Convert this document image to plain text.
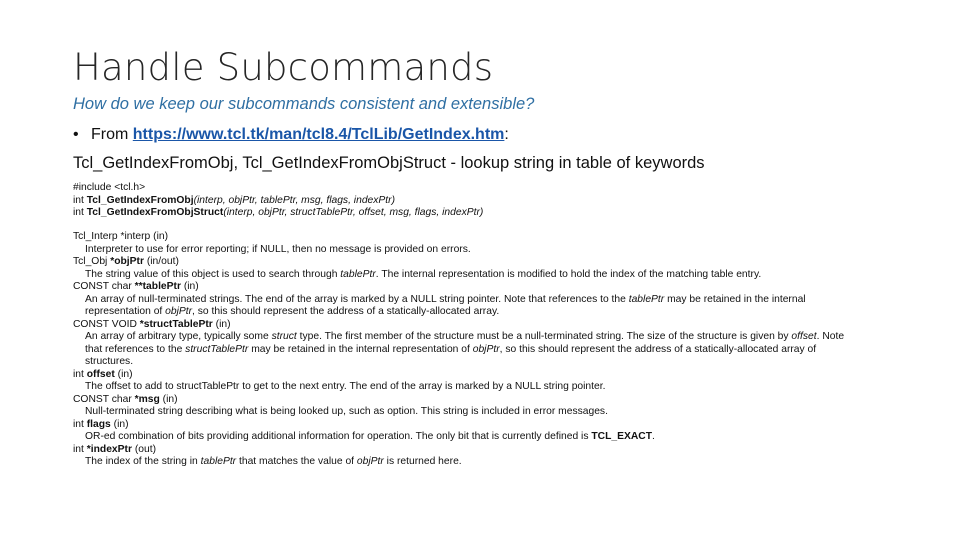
Handle Subcommands
How do we keep our subcommands consistent and extensible?
• From https://www.tcl.tk/man/tcl8.4/TclLib/GetIndex.htm:
Tcl_GetIndexFromObj, Tcl_GetIndexFromObjStruct - lookup string in table of keywords
#include <tcl.h>
int Tcl_GetIndexFromObj(interp, objPtr, tablePtr, msg, flags, indexPtr)
int Tcl_GetIndexFromObjStruct(interp, objPtr, structTablePtr, offset, msg, flags, indexPtr)
Tcl_Interp *interp (in)
Interpreter to use for error reporting; if NULL, then no message is provided on errors.
Tcl_Obj *objPtr (in/out)
The string value of this object is used to search through tablePtr. The internal representation is modified to hold the index of the matching table entry.
CONST char **tablePtr (in)
An array of null-terminated strings. The end of the array is marked by a NULL string pointer. Note that references to the tablePtr may be retained in the internal representation of objPtr, so this should represent the address of a statically-allocated array.
CONST VOID *structTablePtr (in)
An array of arbitrary type, typically some struct type. The first member of the structure must be a null-terminated string. The size of the structure is given by offset. Note that references to the structTablePtr may be retained in the internal representation of objPtr, so this should represent the address of a statically-allocated array of structures.
int offset (in)
The offset to add to structTablePtr to get to the next entry. The end of the array is marked by a NULL string pointer.
CONST char *msg (in)
Null-terminated string describing what is being looked up, such as option. This string is included in error messages.
int flags (in)
OR-ed combination of bits providing additional information for operation. The only bit that is currently defined is TCL_EXACT.
int *indexPtr (out)
The index of the string in tablePtr that matches the value of objPtr is returned here.
